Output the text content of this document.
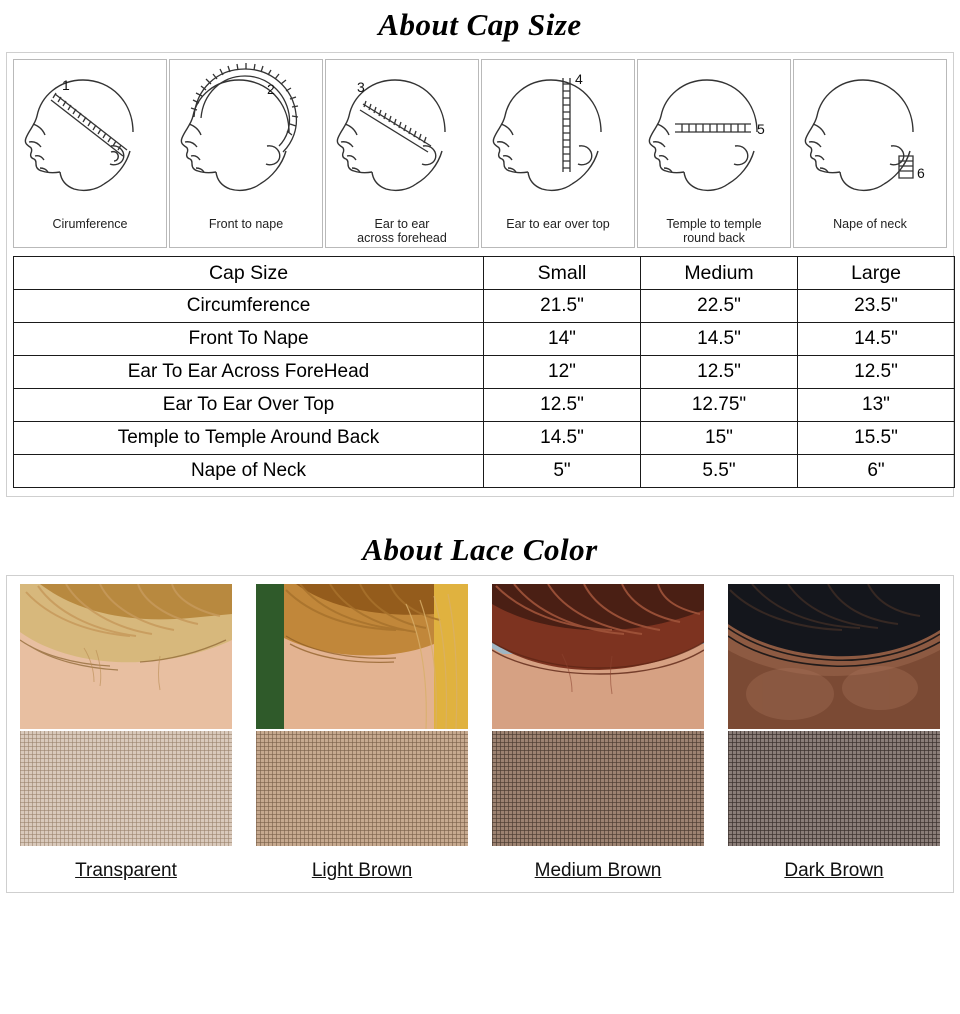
About Cap Size
1
Cirumference
2
Front to nape
3
Ear to ear
across forehead
4
Ear to ear over top
5
Temple to temple
round back
6
Nape of neck
Cap Size	Small	Medium	Large
Circumference	21.5"	22.5"	23.5"
Front To Nape	14"	14.5"	14.5"
Ear To Ear Across ForeHead	12"	12.5"	12.5"
Ear To Ear Over Top	12.5"	12.75"	13"
Temple to Temple Around Back	14.5"	15"	15.5"
Nape of Neck	5"	5.5"	6"
About Lace Color
Transparent	Light Brown	Medium Brown	Dark Brown
